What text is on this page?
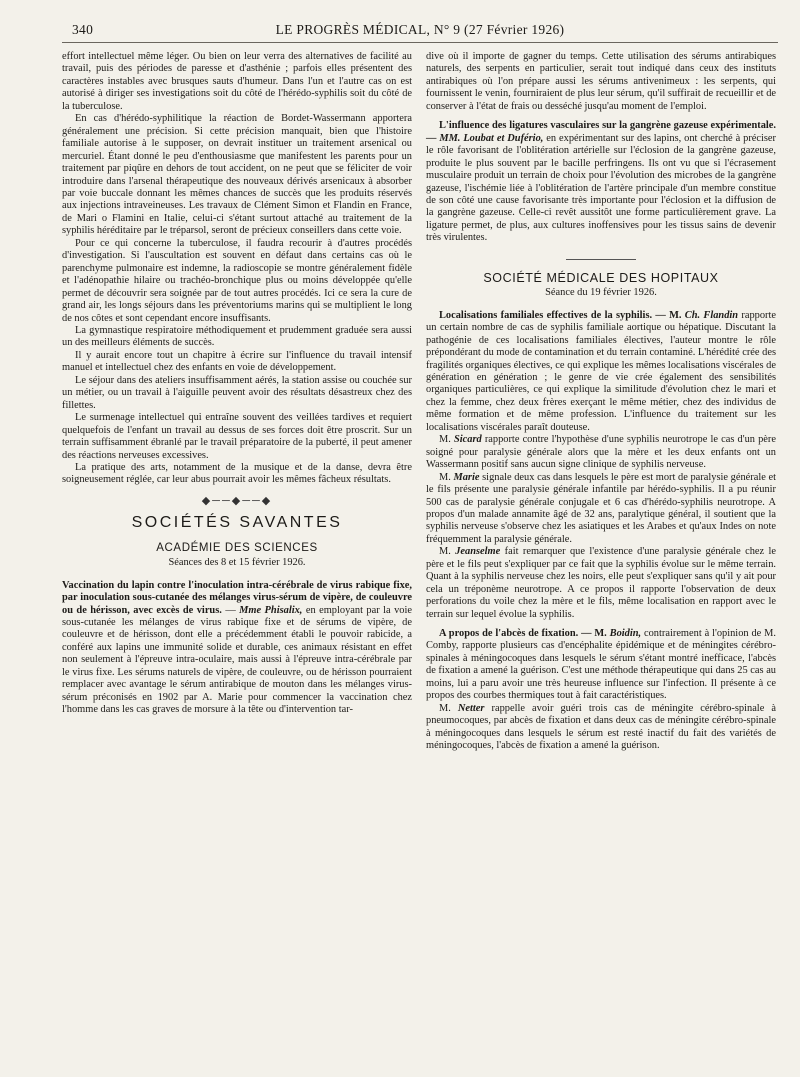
340	LE PROGRÈS MÉDICAL, N° 9 (27 Février 1926)

effort intellectuel même léger. Ou bien on leur verra des alternatives de facilité au travail, puis des périodes de paresse et d'asthénie ; parfois elles présentent des caractères instables avec brusques sauts d'humeur. Dans l'un et l'autre cas on est autorisé à diriger ses investigations soit du côté de l'hérédo-syphilis soit du côté de la tuberculose.

En cas d'hérédo-syphilitique la réaction de Bordet-Wassermann apportera généralement une précision. Si cette précision manquait, bien que l'histoire familiale autorise à le supposer, on devrait instituer un traitement arsenical ou mercuriel. Étant donné le peu d'enthousiasme que manifestent les parents pour un traitement par piqûre en dehors de tout accident, on ne peut que se féliciter de voir introduire dans l'arsenal thérapeutique des nouveaux dérivés arsenicaux à absorber par voie buccale donnant les mêmes chances de succès que les produits réservés aux injections intraveineuses. Les travaux de Clément Simon et Flandin en France, de Mari o Flamini en Italie, celui-ci s'étant surtout attaché au traitement de la syphilis héréditaire par le tréparsol, seront de précieux conseillers dans cette voie.

Pour ce qui concerne la tuberculose, il faudra recourir à d'autres procédés d'investigation. Si l'auscultation est souvent en défaut dans certains cas où le parenchyme pulmonaire est indemne, la radioscopie se montre généralement fidèle et l'adénopathie hilaire ou trachéo-bronchique plus ou moins développée qu'elle permet de découvrir sera soignée par de tout autres procédés. Ici ce sera la cure de grand air, les longs séjours dans les préventoriums marins qui se multiplient le long de nos côtes et sont cependant encore insuffisants.

La gymnastique respiratoire méthodiquement et prudemment graduée sera aussi un des meilleurs éléments de succès.

Il y aurait encore tout un chapitre à écrire sur l'influence du travail intensif manuel et intellectuel chez des enfants en voie de développement.

Le séjour dans des ateliers insuffisamment aérés, la station assise ou couchée sur un métier, ou un travail à l'aiguille peuvent avoir des résultats désastreux chez des fillettes.

Le surmenage intellectuel qui entraîne souvent des veillées tardives et requiert quelquefois de l'enfant un travail au dessus de ses forces doit être proscrit. Sur un terrain suffisamment ébranlé par le travail préparatoire de la puberté, il peut amener des réactions nerveuses excessives.

La pratique des arts, notamment de la musique et de la danse, devra être soigneusement réglée, car leur abus pourrait avoir les mêmes fâcheux résultats.

◆──◆──◆
SOCIÉTÉS SAVANTES
ACADÉMIE DES SCIENCES
Séances des 8 et 15 février 1926.

Vaccination du lapin contre l'inoculation intra-cérébrale de virus rabique fixe, par inoculation sous-cutanée des mélanges virus-sérum de vipère, de couleuvre ou de hérisson, avec excès de virus. — Mme Phisalix, en employant par la voie sous-cutanée les mélanges de virus rabique fixe et de sérums de vipère, de couleuvre et de hérisson, dont elle a précédemment établi le pouvoir rabicide, a conféré aux lapins une immunité solide et durable, ces animaux résistant en effet non seulement à l'épreuve intra-oculaire, mais aussi à l'épreuve intra-cérébrale par le virus fixe. Les sérums naturels de vipère, de couleuvre, ou de hérisson pourraient remplacer avec avantage le sérum antirabique de mouton dans les mélanges virus-sérum préconisés en 1902 par A. Marie pour commencer la vaccination chez l'homme dans les cas graves de morsure à la tête ou d'intervention tar-

dive où il importe de gagner du temps. Cette utilisation des sérums antirabiques naturels, des serpents en particulier, serait tout indiqué dans ceux des instituts antirabiques où l'on prépare aussi les sérums antivenimeux : les serpents, qui fournissent le venin, fourniraient de plus leur sérum, qu'il suffirait de recueillir et de conserver à l'état de frais ou desséché jusqu'au moment de l'emploi.

L'influence des ligatures vasculaires sur la gangrène gazeuse expérimentale. — MM. Loubat et Dufério, en expérimentant sur des lapins, ont cherché à préciser le rôle favorisant de l'oblitération artérielle sur l'éclosion de la gangrène gazeuse, produite le plus souvent par le bacille perfringens. Ils ont vu que si l'écrasement musculaire produit un terrain de choix pour l'évolution des microbes de la gangrène gazeuse, l'ischémie liée à l'oblitération de l'artère principale d'un membre constitue de son côté une cause favorisante très importante pour l'éclosion et la diffusion de la gangrène gazeuse. Celle-ci revêt aussitôt une forme particulièrement grave. La ligature permet, de plus, aux cultures inoffensives pour les tissus sains de devenir très virulentes.

SOCIÉTÉ MÉDICALE DES HOPITAUX
Séance du 19 février 1926.

Localisations familiales effectives de la syphilis. — M. Ch. Flandin rapporte un certain nombre de cas de syphilis familiale aortique ou hépatique. Discutant la pathogénie de ces localisations familiales électives, l'auteur montre le rôle prépondérant du mode de contamination et du terrain contaminé. L'hérédité crée des fragilités organiques électives, ce qui explique les mêmes localisations viscérales de génération en génération ; le genre de vie crée également des sensibilités organiques particulières, ce qui explique la similitude d'évolution chez le mari et chez la femme, chez deux frères exerçant le même métier, chez des individus de même formation et de même profession. L'influence du traitement sur les localisations viscérales paraît douteuse.

M. Sicard rapporte contre l'hypothèse d'une syphilis neurotrope le cas d'un père soigné pour paralysie générale alors que la mère et les deux enfants ont un Wassermann positif sans aucun signe clinique de syphilis nerveuse.

M. Marie signale deux cas dans lesquels le père est mort de paralysie générale et le fils présente une paralysie générale infantile par hérédo-syphilis. Il a pu réunir 500 cas de paralysie générale conjugale et 6 cas d'hérédo-syphilis neurotrope. A propos d'un malade annamite âgé de 32 ans, paralytique général, il soutient que la syphilis nerveuse s'observe chez les asiatiques et les Arabes et qu'aux Indes on note fréquemment la paralysie générale.

M. Jeanselme fait remarquer que l'existence d'une paralysie générale chez le père et le fils peut s'expliquer par ce fait que la syphilis évolue sur le même terrain. Quant à la syphilis nerveuse chez les noirs, elle peut s'expliquer sans qu'il y ait pour cela un tréponème neurotrope. A ce propos il rapporte l'observation de deux perforations du voile chez la mère et le fils, même localisation en rapport avec le terrain sur lequel évolue la syphilis.

A propos de l'abcès de fixation. — M. Boidin, contrairement à l'opinion de M. Comby, rapporte plusieurs cas d'encéphalite épidémique et de méningites cérébro-spinales à méningocoques dans lesquels le sérum s'étant montré inefficace, l'abcès de fixation a amené la guérison. C'est une méthode thérapeutique qui dans 25 cas au moins, lui a paru avoir une très heureuse influence sur l'infection. Il présente à ce propos des courbes thermiques tout à fait caractéristiques.

M. Netter rappelle avoir guéri trois cas de méningite cérébro-spinale à pneumocoques, par abcès de fixation et dans deux cas de méningite cérébro-spinale à méningocoques dans lesquels le sérum est resté inactif du fait des variétés de méningocoques, l'abcès de fixation a amené la guérison.
